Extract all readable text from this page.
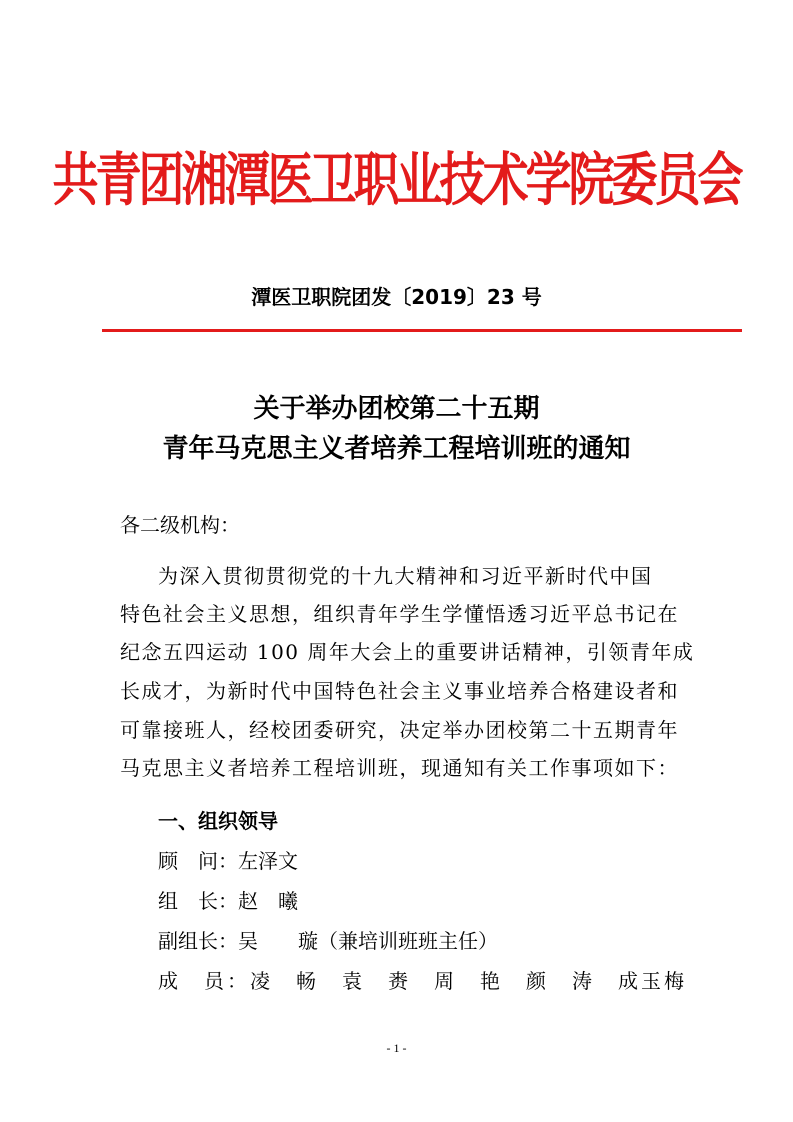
共青团湘潭医卫职业技术学院委员会
潭医卫职院团发〔2019〕23 号
关于举办团校第二十五期
青年马克思主义者培养工程培训班的通知
各二级机构：
为深入贯彻贯彻党的十九大精神和习近平新时代中国
特色社会主义思想，组织青年学生学懂悟透习近平总书记在
纪念五四运动 100 周年大会上的重要讲话精神，引领青年成
长成才，为新时代中国特色社会主义事业培养合格建设者和
可靠接班人，经校团委研究，决定举办团校第二十五期青年
马克思主义者培养工程培训班，现通知有关工作事项如下：
一、组织领导
顾　问：左泽文
组　长：赵　曦
副组长：吴　　璇（兼培训班班主任）
成　员：凌　畅　袁　赉　周　艳　颜　涛　成玉梅
- 1 -
